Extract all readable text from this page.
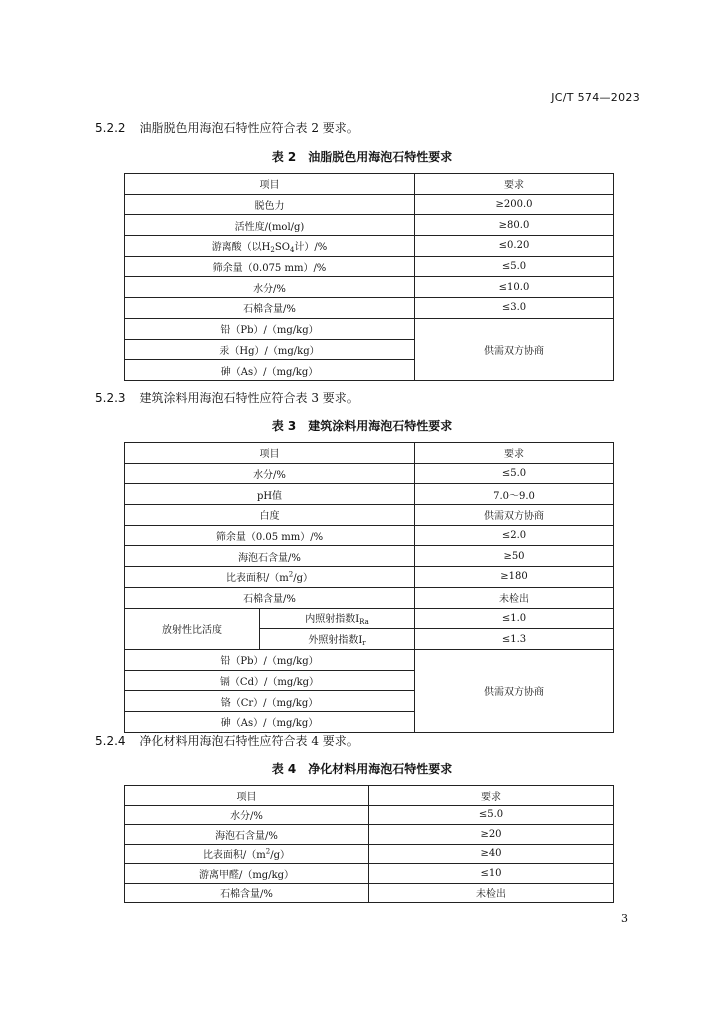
JC/T 574—2023
5.2.2 油脂脱色用海泡石特性应符合表 2 要求。
表 2 油脂脱色用海泡石特性要求
项目	要求
脱色力	≥200.0
活性度/(mol/g)	≥80.0
游离酸（以$H_2SO_4$计）/%	≤0.20
筛余量（0.075 mm）/%	≤5.0
水分/%	≤10.0
石棉含量/%	≤3.0
铅（Pb）/（mg/kg）	供需双方协商
汞（Hg）/（mg/kg）	
砷（As）/（mg/kg）	
5.2.3 建筑涂料用海泡石特性应符合表 3 要求。
表 3 建筑涂料用海泡石特性要求
项目		要求
水分/%		≤5.0
pH值		7.0～9.0
白度		供需双方协商
筛余量（0.05 mm）/%		≤2.0
海泡石含量/%		≥50
比表面积$/(m^2/g)$		≥180
石棉含量/%		未检出
放射性比活度	内照射指数$I_{Ra}$	≤1.0
	外照射指数$I_r$	≤1.3
铅（Pb）/（mg/kg）		供需双方协商
镉（Cd）/（mg/kg）		
铬（Cr）/（mg/kg）		
砷（As）/（mg/kg）		
5.2.4 净化材料用海泡石特性应符合表 4 要求。
表 4 净化材料用海泡石特性要求
项目	要求
水分/%	≤5.0
海泡石含量/%	≥20
比表面积$/(m^2/g)$	≥40
游离甲醛/（mg/kg）	≤10
石棉含量/%	未检出
3
